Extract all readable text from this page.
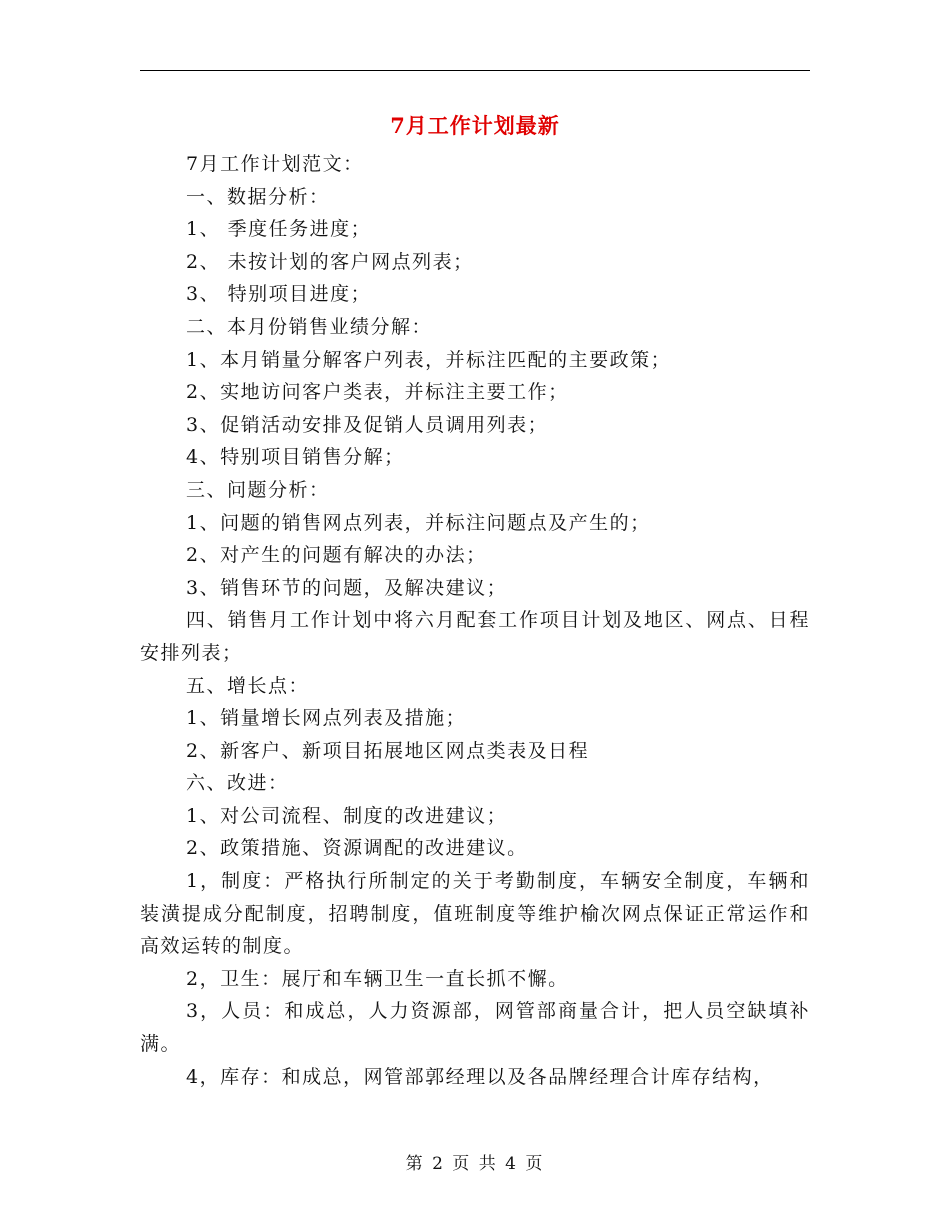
7月工作计划最新

7月工作计划范文：

一、数据分析：

1、 季度任务进度；

2、 未按计划的客户网点列表；

3、 特别项目进度；

二、本月份销售业绩分解：

1、本月销量分解客户列表，并标注匹配的主要政策；

2、实地访问客户类表，并标注主要工作；

3、促销活动安排及促销人员调用列表；

4、特别项目销售分解；

三、问题分析：

1、问题的销售网点列表，并标注问题点及产生的；

2、对产生的问题有解决的办法；

3、销售环节的问题，及解决建议；

四、销售月工作计划中将六月配套工作项目计划及地区、网点、日程安排列表；

五、增长点：

1、销量增长网点列表及措施；

2、新客户、新项目拓展地区网点类表及日程

六、改进：

1、对公司流程、制度的改进建议；

2、政策措施、资源调配的改进建议。

1，制度：严格执行所制定的关于考勤制度，车辆安全制度，车辆和装潢提成分配制度，招聘制度，值班制度等维护榆次网点保证正常运作和高效运转的制度。

2，卫生：展厅和车辆卫生一直长抓不懈。

3，人员：和成总，人力资源部，网管部商量合计，把人员空缺填补满。

4，库存：和成总，网管部郭经理以及各品牌经理合计库存结构，

第 2 页 共 4 页
